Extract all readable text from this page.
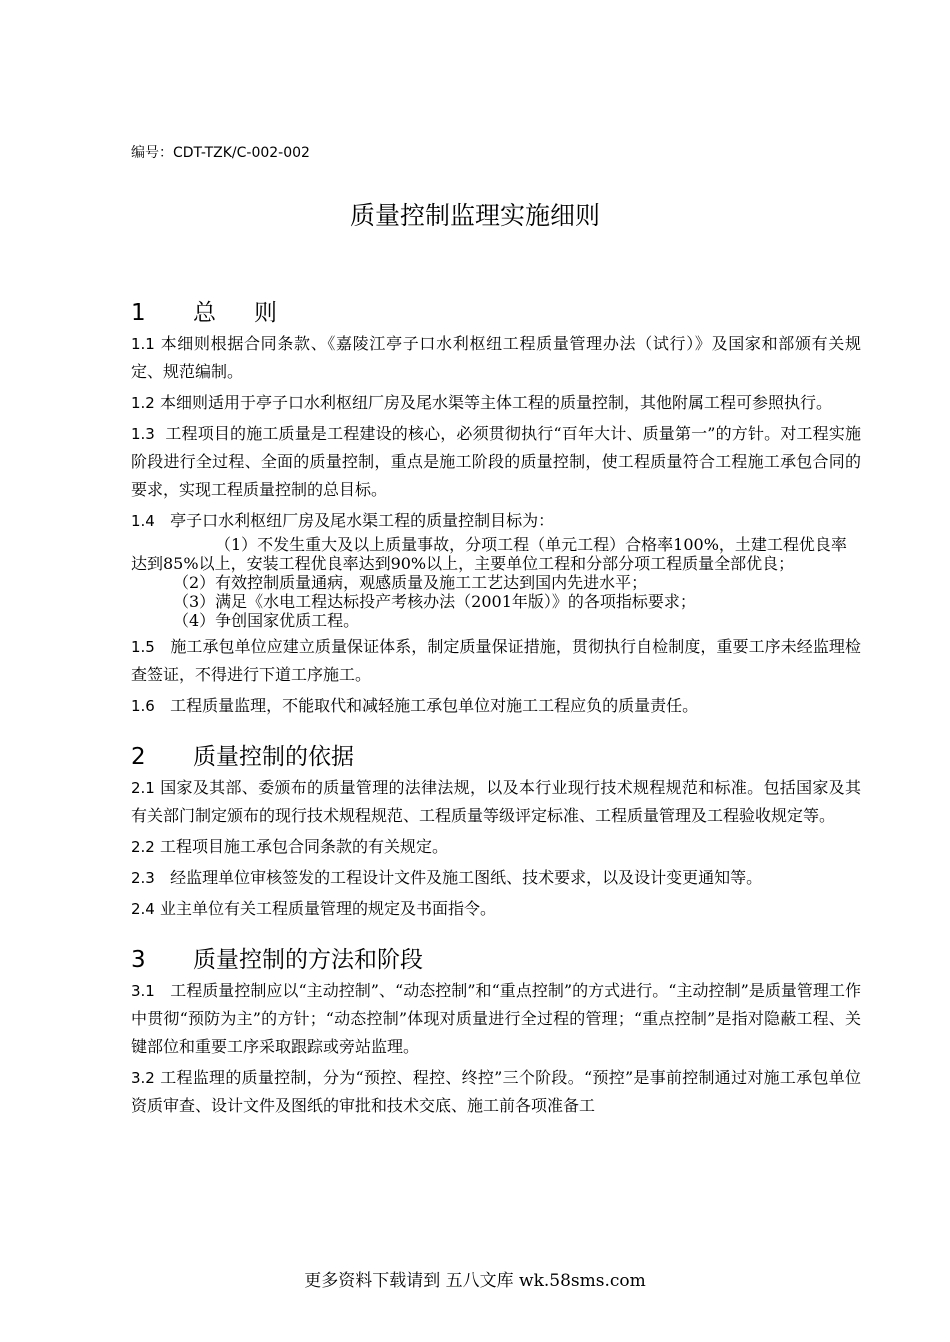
编号：CDT-TZK/C-002-002
质量控制监理实施细则
1 总 则

1.1 本细则根据合同条款、《嘉陵江亭子口水利枢纽工程质量管理办法（试行）》及国家和部颁有关规定、规范编制。

1.2 本细则适用于亭子口水利枢纽厂房及尾水渠等主体工程的质量控制，其他附属工程可参照执行。

1.3 工程项目的施工质量是工程建设的核心，必须贯彻执行“百年大计、质量第一”的方针。对工程实施阶段进行全过程、全面的质量控制，重点是施工阶段的质量控制，使工程质量符合工程施工承包合同的要求，实现工程质量控制的总目标。

1.4 亭子口水利枢纽厂房及尾水渠工程的质量控制目标为：

（1）不发生重大及以上质量事故，分项工程（单元工程）合格率100%，土建工程优良率达到85%以上，安装工程优良率达到90%以上，主要单位工程和分部分项工程质量全部优良；

（2）有效控制质量通病，观感质量及施工工艺达到国内先进水平；

（3）满足《水电工程达标投产考核办法（2001年版）》的各项指标要求；

（4）争创国家优质工程。

1.5 施工承包单位应建立质量保证体系，制定质量保证措施，贯彻执行自检制度，重要工序未经监理检查签证，不得进行下道工序施工。

1.6 工程质量监理，不能取代和减轻施工承包单位对施工工程应负的质量责任。

2 质量控制的依据

2.1 国家及其部、委颁布的质量管理的法律法规，以及本行业现行技术规程规范和标准。包括国家及其有关部门制定颁布的现行技术规程规范、工程质量等级评定标准、工程质量管理及工程验收规定等。

2.2 工程项目施工承包合同条款的有关规定。

2.3 经监理单位审核签发的工程设计文件及施工图纸、技术要求，以及设计变更通知等。

2.4 业主单位有关工程质量管理的规定及书面指令。

3 质量控制的方法和阶段

3.1 工程质量控制应以“主动控制”、“动态控制”和“重点控制”的方式进行。“主动控制”是质量管理工作中贯彻“预防为主”的方针；“动态控制”体现对质量进行全过程的管理；“重点控制”是指对隐蔽工程、关键部位和重要工序采取跟踪或旁站监理。

3.2 工程监理的质量控制，分为“预控、程控、终控”三个阶段。“预控”是事前控制通过对施工承包单位资质审查、设计文件及图纸的审批和技术交底、施工前各项准备工

更多资料下载请到 五八文库 wk.58sms.com
